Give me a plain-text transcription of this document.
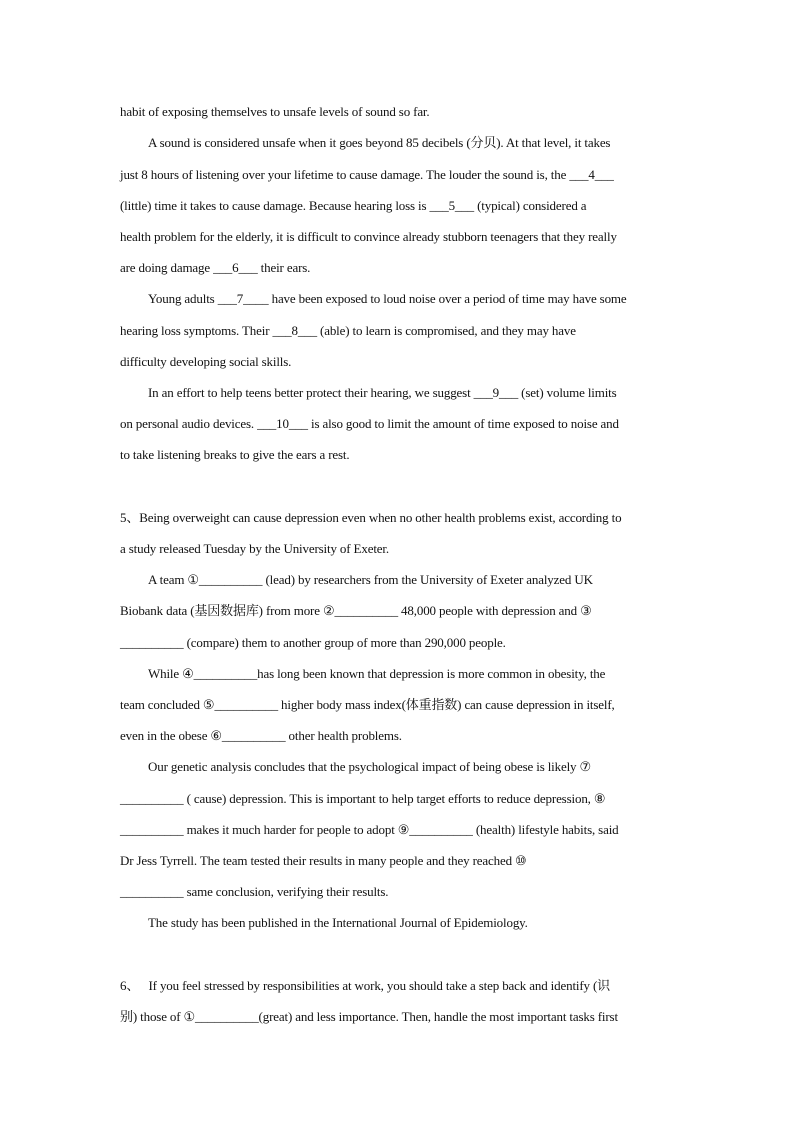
habit of exposing themselves to unsafe levels of sound so far.
A sound is considered unsafe when it goes beyond 85 decibels (分贝). At that level, it takes
just 8 hours of listening over your lifetime to cause damage. The louder the sound is, the ___4___
(little) time it takes to cause damage. Because hearing loss is ___5___ (typical) considered a
health problem for the elderly, it is difficult to convince already stubborn teenagers that they really
are doing damage ___6___ their ears.
Young adults ___7____ have been exposed to loud noise over a period of time may have some
hearing loss symptoms. Their ___8___ (able) to learn is compromised, and they may have
difficulty developing social skills.
In an effort to help teens better protect their hearing, we suggest ___9___ (set) volume limits
on personal audio devices. ___10___ is also good to limit the amount of time exposed to noise and
to take listening breaks to give the ears a rest.
5、Being overweight can cause depression even when no other health problems exist, according to
a study released Tuesday by the University of Exeter.
A team ①__________ (lead) by researchers from the University of Exeter analyzed UK
Biobank data (基因数据库) from more ②__________ 48,000 people with depression and ③
__________ (compare) them to another group of more than 290,000 people.
While ④__________has long been known that depression is more common in obesity, the
team concluded ⑤__________ higher body mass index(体重指数) can cause depression in itself,
even in the obese ⑥__________ other health problems.
Our genetic analysis concludes that the psychological impact of being obese is likely ⑦
__________ ( cause) depression. This is important to help target efforts to reduce depression, ⑧
__________ makes it much harder for people to adopt ⑨__________ (health) lifestyle habits, said
Dr Jess Tyrrell. The team tested their results in many people and they reached ⑩
__________ same conclusion, verifying their results.
The study has been published in the International Journal of Epidemiology.
6、   If you feel stressed by responsibilities at work, you should take a step back and identify (识
别) those of ①__________(great) and less importance. Then, handle the most important tasks first
